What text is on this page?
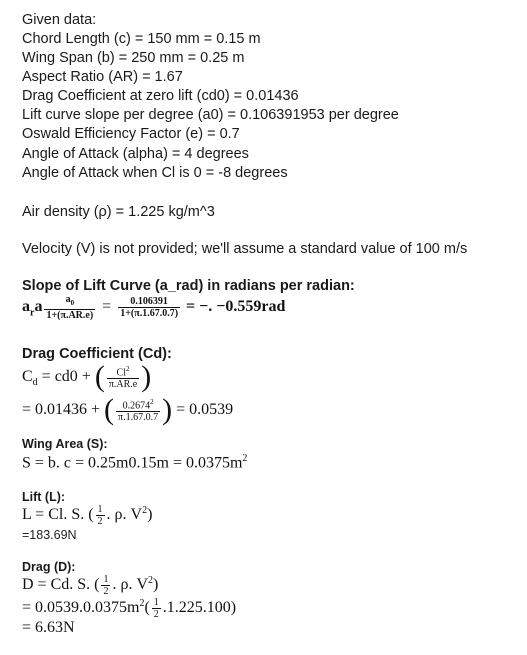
Given data:
Chord Length (c) = 150 mm = 0.15 m
Wing Span (b) = 250 mm = 0.25 m
Aspect Ratio (AR) = 1.67
Drag Coefficient at zero lift (cd0) = 0.01436
Lift curve slope per degree (a0) = 0.106391953 per degree
Oswald Efficiency Factor (e) = 0.7
Angle of Attack (alpha) = 4 degrees
Angle of Attack when Cl is 0 = -8 degrees
Air density (ρ) = 1.225 kg/m^3
Velocity (V) is not provided; we'll assume a standard value of 100 m/s
Slope of Lift Curve (a_rad) in radians per radian:
$a_ra \frac{a_0}{1+(\pi.AR.e)} = \frac{0.106391}{1+(\pi.1.67.0.7)}$ = −. −0.559rad
Drag Coefficient (Cd):
$C_d = cd0$ + ( $\frac{Cl^2}{\pi.AR.e}$ )
= 0.01436 + ( $\frac{0.2674^2}{\pi.1.67.0.7}$ ) = 0.0539
Wing Area (S):
S = b. $c = 0.25m0.15m = 0.0375m^2$
Lift (L):
L = Cl. S. ( $\frac{1}{2}$ . ρ. $V^2$)
=183.69N
Drag (D):
D = Cd. S. ( $\frac{1}{2}$ . ρ. $V^2$)
= $0.0539.0.0375m^2( \frac{1}{2} .1.225.100)$
= 6.63N
